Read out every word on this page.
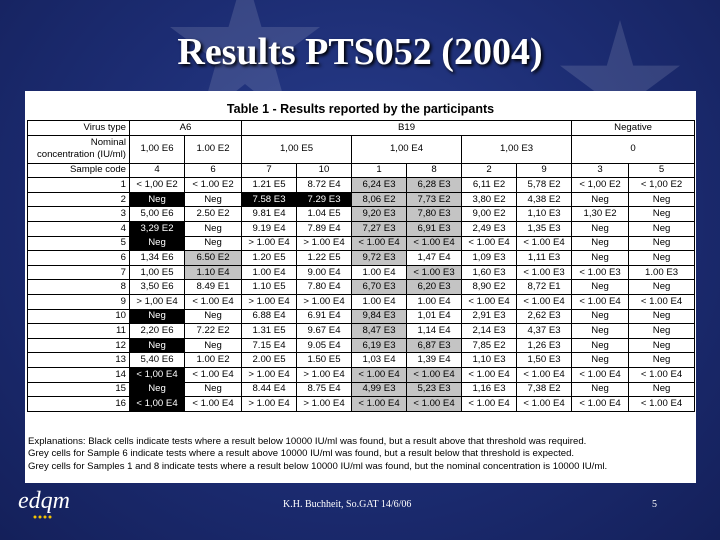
Results PTS052 (2004)
Table 1 - Results reported by the participants
Virus type	A6		B19						Negative	

Nominal
concentration (IU/ml)	1,00 E6	1.00 E2	1,00 E5		1,00 E4		1,00 E3		0	
Sample code	4	6	7	10	1	8	2	9	3	5
1	< 1,00 E2	< 1.00 E2	1.21 E5	8.72 E4	6,24 E3	6,28 E3	6,11 E2	5,78 E2	< 1,00 E2	< 1,00 E2
2	Neg	Neg	7.58 E3	7.29 E3	8,06 E2	7,73 E2	3,80 E2	4,38 E2	Neg	Neg
3	5,00 E6	2.50 E2	9.81 E4	1.04 E5	9,20 E3	7,80 E3	9,00 E2	1,10 E3	1,30 E2	Neg
4	3,29 E2	Neg	9.19 E4	7.89 E4	7,27 E3	6,91 E3	2,49 E3	1,35 E3	Neg	Neg
5	Neg	Neg	> 1.00 E4	> 1.00 E4	< 1.00 E4	< 1.00 E4	< 1.00 E4	< 1.00 E4	Neg	Neg
6	1,34 E6	6.50 E2	1.20 E5	1.22 E5	9,72 E3	1,47 E4	1,09 E3	1,11 E3	Neg	Neg
7	1,00 E5	1.10 E4	1.00 E4	9.00 E4	1.00 E4	< 1.00 E3	1,60 E3	< 1.00 E3	< 1.00 E3	1.00 E3
8	3,50 E6	8.49 E1	1.10 E5	7.80 E4	6,70 E3	6,20 E3	8,90 E2	8,72 E1	Neg	Neg
9	> 1,00 E4	< 1.00 E4	> 1.00 E4	> 1.00 E4	1.00 E4	1.00 E4	< 1.00 E4	< 1.00 E4	< 1.00 E4	< 1.00 E4
10	Neg	Neg	6.88 E4	6.91 E4	9,84 E3	1,01 E4	2,91 E3	2,62 E3	Neg	Neg
11	2,20 E6	7.22 E2	1.31 E5	9.67 E4	8,47 E3	1,14 E4	2,14 E3	4,37 E3	Neg	Neg
12	Neg	Neg	7.15 E4	9.05 E4	6,19 E3	6,87 E3	7,85 E2	1,26 E3	Neg	Neg
13	5,40 E6	1.00 E2	2.00 E5	1.50 E5	1,03 E4	1,39 E4	1,10 E3	1,50 E3	Neg	Neg
14	< 1,00 E4	< 1.00 E4	> 1.00 E4	> 1.00 E4	< 1.00 E4	< 1.00 E4	< 1.00 E4	< 1.00 E4	< 1.00 E4	< 1.00 E4
15	Neg	Neg	8.44 E4	8.75 E4	4,99 E3	5,23 E3	1,16 E3	7,38 E2	Neg	Neg
16	< 1,00 E4	< 1.00 E4	> 1.00 E4	> 1.00 E4	< 1.00 E4	< 1.00 E4	< 1.00 E4	< 1.00 E4	< 1.00 E4	< 1.00 E4
Explanations: Black cells indicate tests where a result below 10000 IU/ml was found, but a result above that threshold was required.
Grey cells for Sample 6 indicate tests where a result above 10000 IU/ml was found, but a result below that threshold is expected.
Grey cells for Samples 1 and 8 indicate tests where a result below 10000 IU/ml was found, but the nominal concentration is 10000 IU/ml.
edqm	K.H. Buchheit, So.GAT 14/6/06	5
